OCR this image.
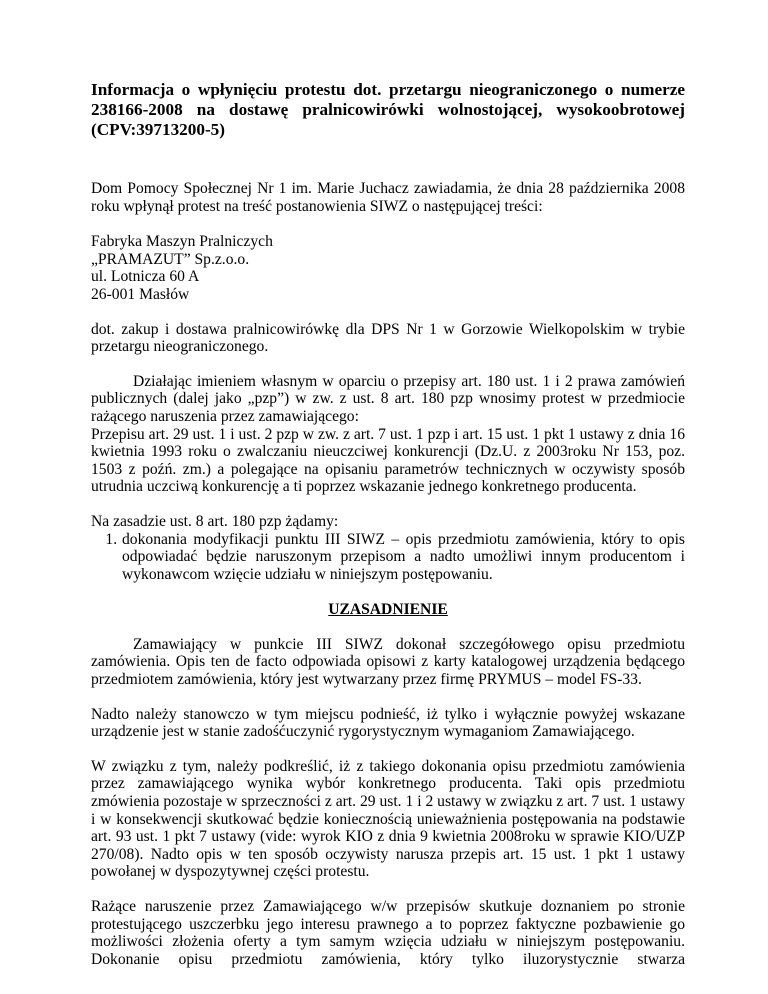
Informacja o wpłynięciu protestu dot. przetargu nieograniczonego o numerze 238166-2008 na dostawę pralnicowirówki wolnostojącej, wysokoobrotowej (CPV:39713200-5)

Dom Pomocy Społecznej Nr 1 im. Marie Juchacz zawiadamia, że dnia 28 października 2008 roku wpłynął protest na treść postanowienia SIWZ o następującej treści:

Fabryka Maszyn Pralniczych
„PRAMAZUT” Sp.z.o.o.
ul. Lotnicza 60 A
26-001 Masłów

dot. zakup i dostawa pralnicowirówkę dla DPS Nr 1 w Gorzowie Wielkopolskim w trybie przetargu nieograniczonego.

Działając imieniem własnym w oparciu o przepisy art. 180 ust. 1 i 2 prawa zamówień publicznych (dalej jako „pzp”) w zw. z ust. 8 art. 180 pzp wnosimy protest w przedmiocie rażącego naruszenia przez zamawiającego:
Przepisu art. 29 ust. 1 i ust. 2 pzp w zw. z art. 7 ust. 1 pzp i art. 15 ust. 1 pkt 1 ustawy z dnia 16 kwietnia 1993 roku o zwalczaniu nieuczciwej konkurencji (Dz.U. z 2003roku Nr 153, poz. 1503 z poźń. zm.) a polegające na opisaniu parametrów technicznych w oczywisty sposób utrudnia uczciwą konkurencję a ti poprzez wskazanie jednego konkretnego producenta.

Na zasadzie ust. 8 art. 180 pzp żądamy:

1. dokonania modyfikacji punktu III SIWZ – opis przedmiotu zamówienia, który to opis odpowiadać będzie naruszonym przepisom a nadto umożliwi innym producentom i wykonawcom wzięcie udziału w niniejszym postępowaniu.
UZASADNIENIE

Zamawiający w punkcie III SIWZ dokonał szczegółowego opisu przedmiotu zamówienia. Opis ten de facto odpowiada opisowi z karty katalogowej urządzenia będącego przedmiotem zamówienia, który jest wytwarzany przez firmę PRYMUS – model FS-33.

Nadto należy stanowczo w tym miejscu podnieść, iż tylko i wyłącznie powyżej wskazane urządzenie jest w stanie zadośćuczynić rygorystycznym wymaganiom Zamawiającego.

W związku z tym, należy podkreślić, iż z takiego dokonania opisu przedmiotu zamówienia przez zamawiającego wynika wybór konkretnego producenta. Taki opis przedmiotu zmówienia pozostaje w sprzeczności z art. 29 ust. 1 i 2 ustawy w związku z art. 7 ust. 1 ustawy i w konsekwencji skutkować będzie koniecznością unieważnienia postępowania na podstawie art. 93 ust. 1 pkt 7 ustawy (vide: wyrok KIO z dnia 9 kwietnia 2008roku w sprawie KIO/UZP 270/08). Nadto opis w ten sposób oczywisty narusza przepis art. 15 ust. 1 pkt 1 ustawy powołanej w dyspozytywnej części protestu.

Rażące naruszenie przez Zamawiającego w/w przepisów skutkuje doznaniem po stronie protestującego uszczerbku jego interesu prawnego a to poprzez faktyczne pozbawienie go możliwości złożenia oferty a tym samym wzięcia udziału w niniejszym postępowaniu. Dokonanie opisu przedmiotu zamówienia, który tylko iluzorystycznie stwarza
